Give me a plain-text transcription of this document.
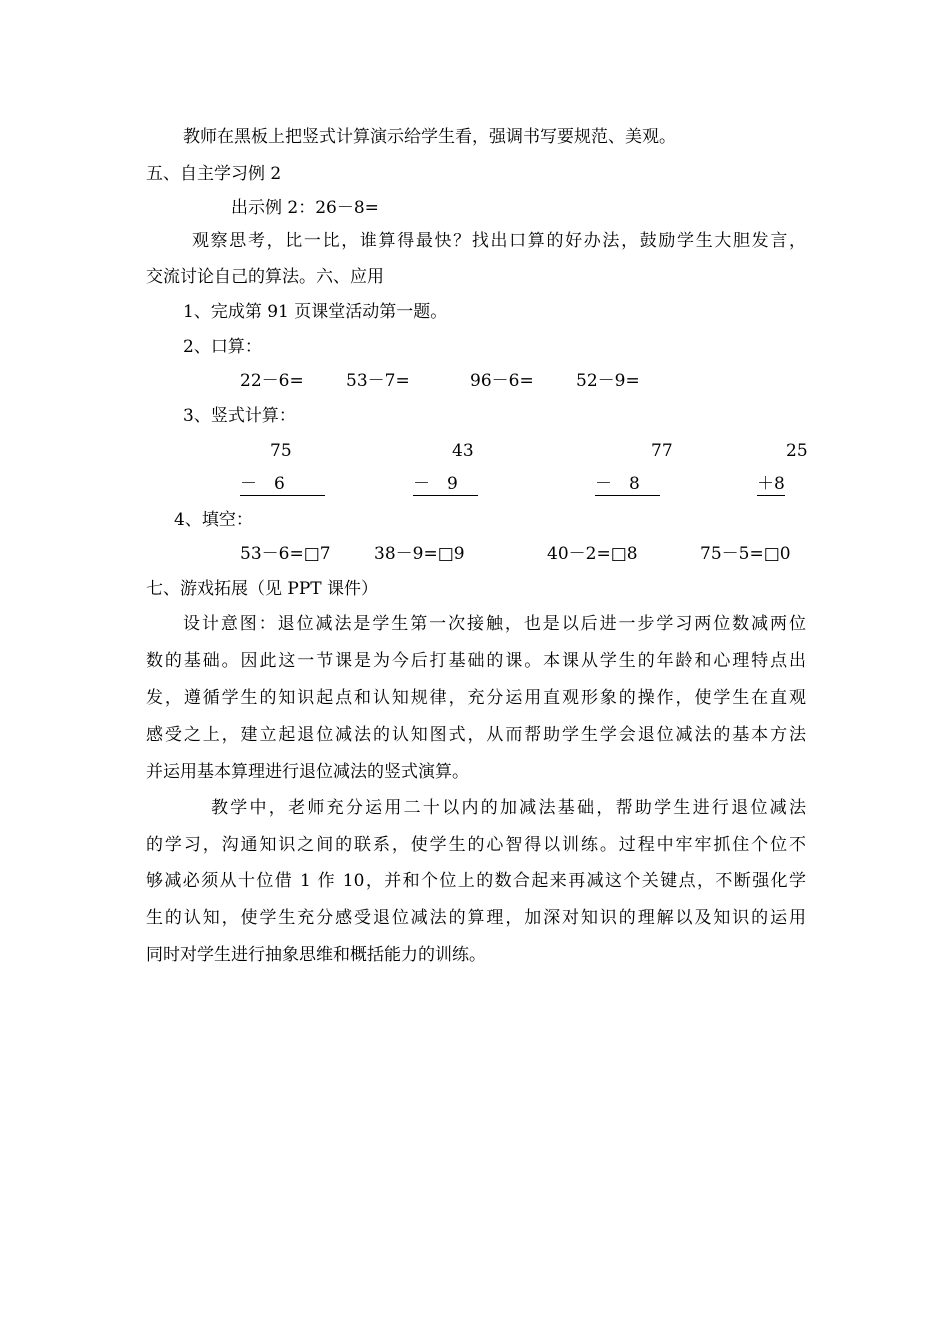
教师在黑板上把竖式计算演示给学生看，强调书写要规范、美观。
五、自主学习例 2
出示例 2：26－8=
观察思考，比一比，谁算得最快？找出口算的好办法，鼓励学生大胆发言，
交流讨论自己的算法。六、应用
1、完成第 91 页课堂活动第一题。
2、口算：
22－6= 53－7=	96－6= 52－9=
3、竖式计算：
75	43	77	25
－　6	－　9	－　8	＋8
4、填空：
53－6=□7	38－9=□9	40－2=□8	75－5=□0
七、游戏拓展（见 PPT 课件）
设计意图：退位减法是学生第一次接触，也是以后进一步学习两位数减两位
数的基础。因此这一节课是为今后打基础的课。本课从学生的年龄和心理特点出
发，遵循学生的知识起点和认知规律，充分运用直观形象的操作，使学生在直观
感受之上，建立起退位减法的认知图式，从而帮助学生学会退位减法的基本方法
并运用基本算理进行退位减法的竖式演算。
教学中，老师充分运用二十以内的加减法基础，帮助学生进行退位减法
的学习，沟通知识之间的联系，使学生的心智得以训练。过程中牢牢抓住个位不
够减必须从十位借 1 作 10，并和个位上的数合起来再减这个关键点，不断强化学
生的认知，使学生充分感受退位减法的算理，加深对知识的理解以及知识的运用
同时对学生进行抽象思维和概括能力的训练。
